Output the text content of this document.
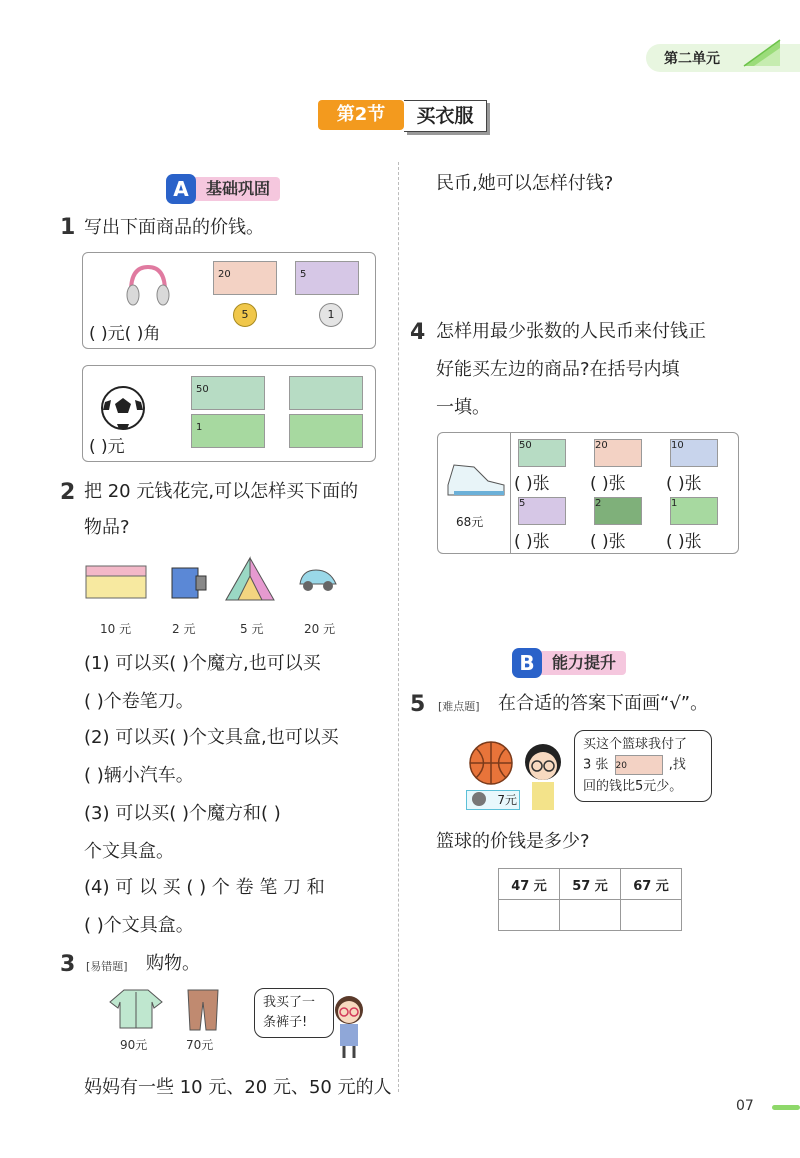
第二单元
第2节	买衣服
A	基础巩固
1 写出下面商品的价钱。
20	5
5	1
( )元( )角
50
1
( )元
2 把 20 元钱花完,可以怎样买下面的
物品?
10 元	2 元	5 元	20 元
(1) 可以买( )个魔方,也可以买
( )个卷笔刀。
(2) 可以买( )个文具盒,也可以买
( )辆小汽车。
(3) 可以买( )个魔方和( )
个文具盒。
(4) 可 以 买 ( ) 个 卷 笔 刀 和
( )个文具盒。
3 [易错题] 购物。
90元	70元
我买了一
条裤子!
妈妈有一些 10 元、20 元、50 元的人
民币,她可以怎样付钱?
4 怎样用最少张数的人民币来付钱正
好能买左边的商品?在括号内填
一填。
68元
50	20	10
( )张 ( )张 ( )张
5	2	1
( )张 ( )张 ( )张
B	能力提升
5 [难点题] 在合适的答案下面画“√”。
7元
买这个篮球我付了
3 张 20	,找
回的钱比5元少。
篮球的价钱是多少?
47 元	57 元	67 元

07
